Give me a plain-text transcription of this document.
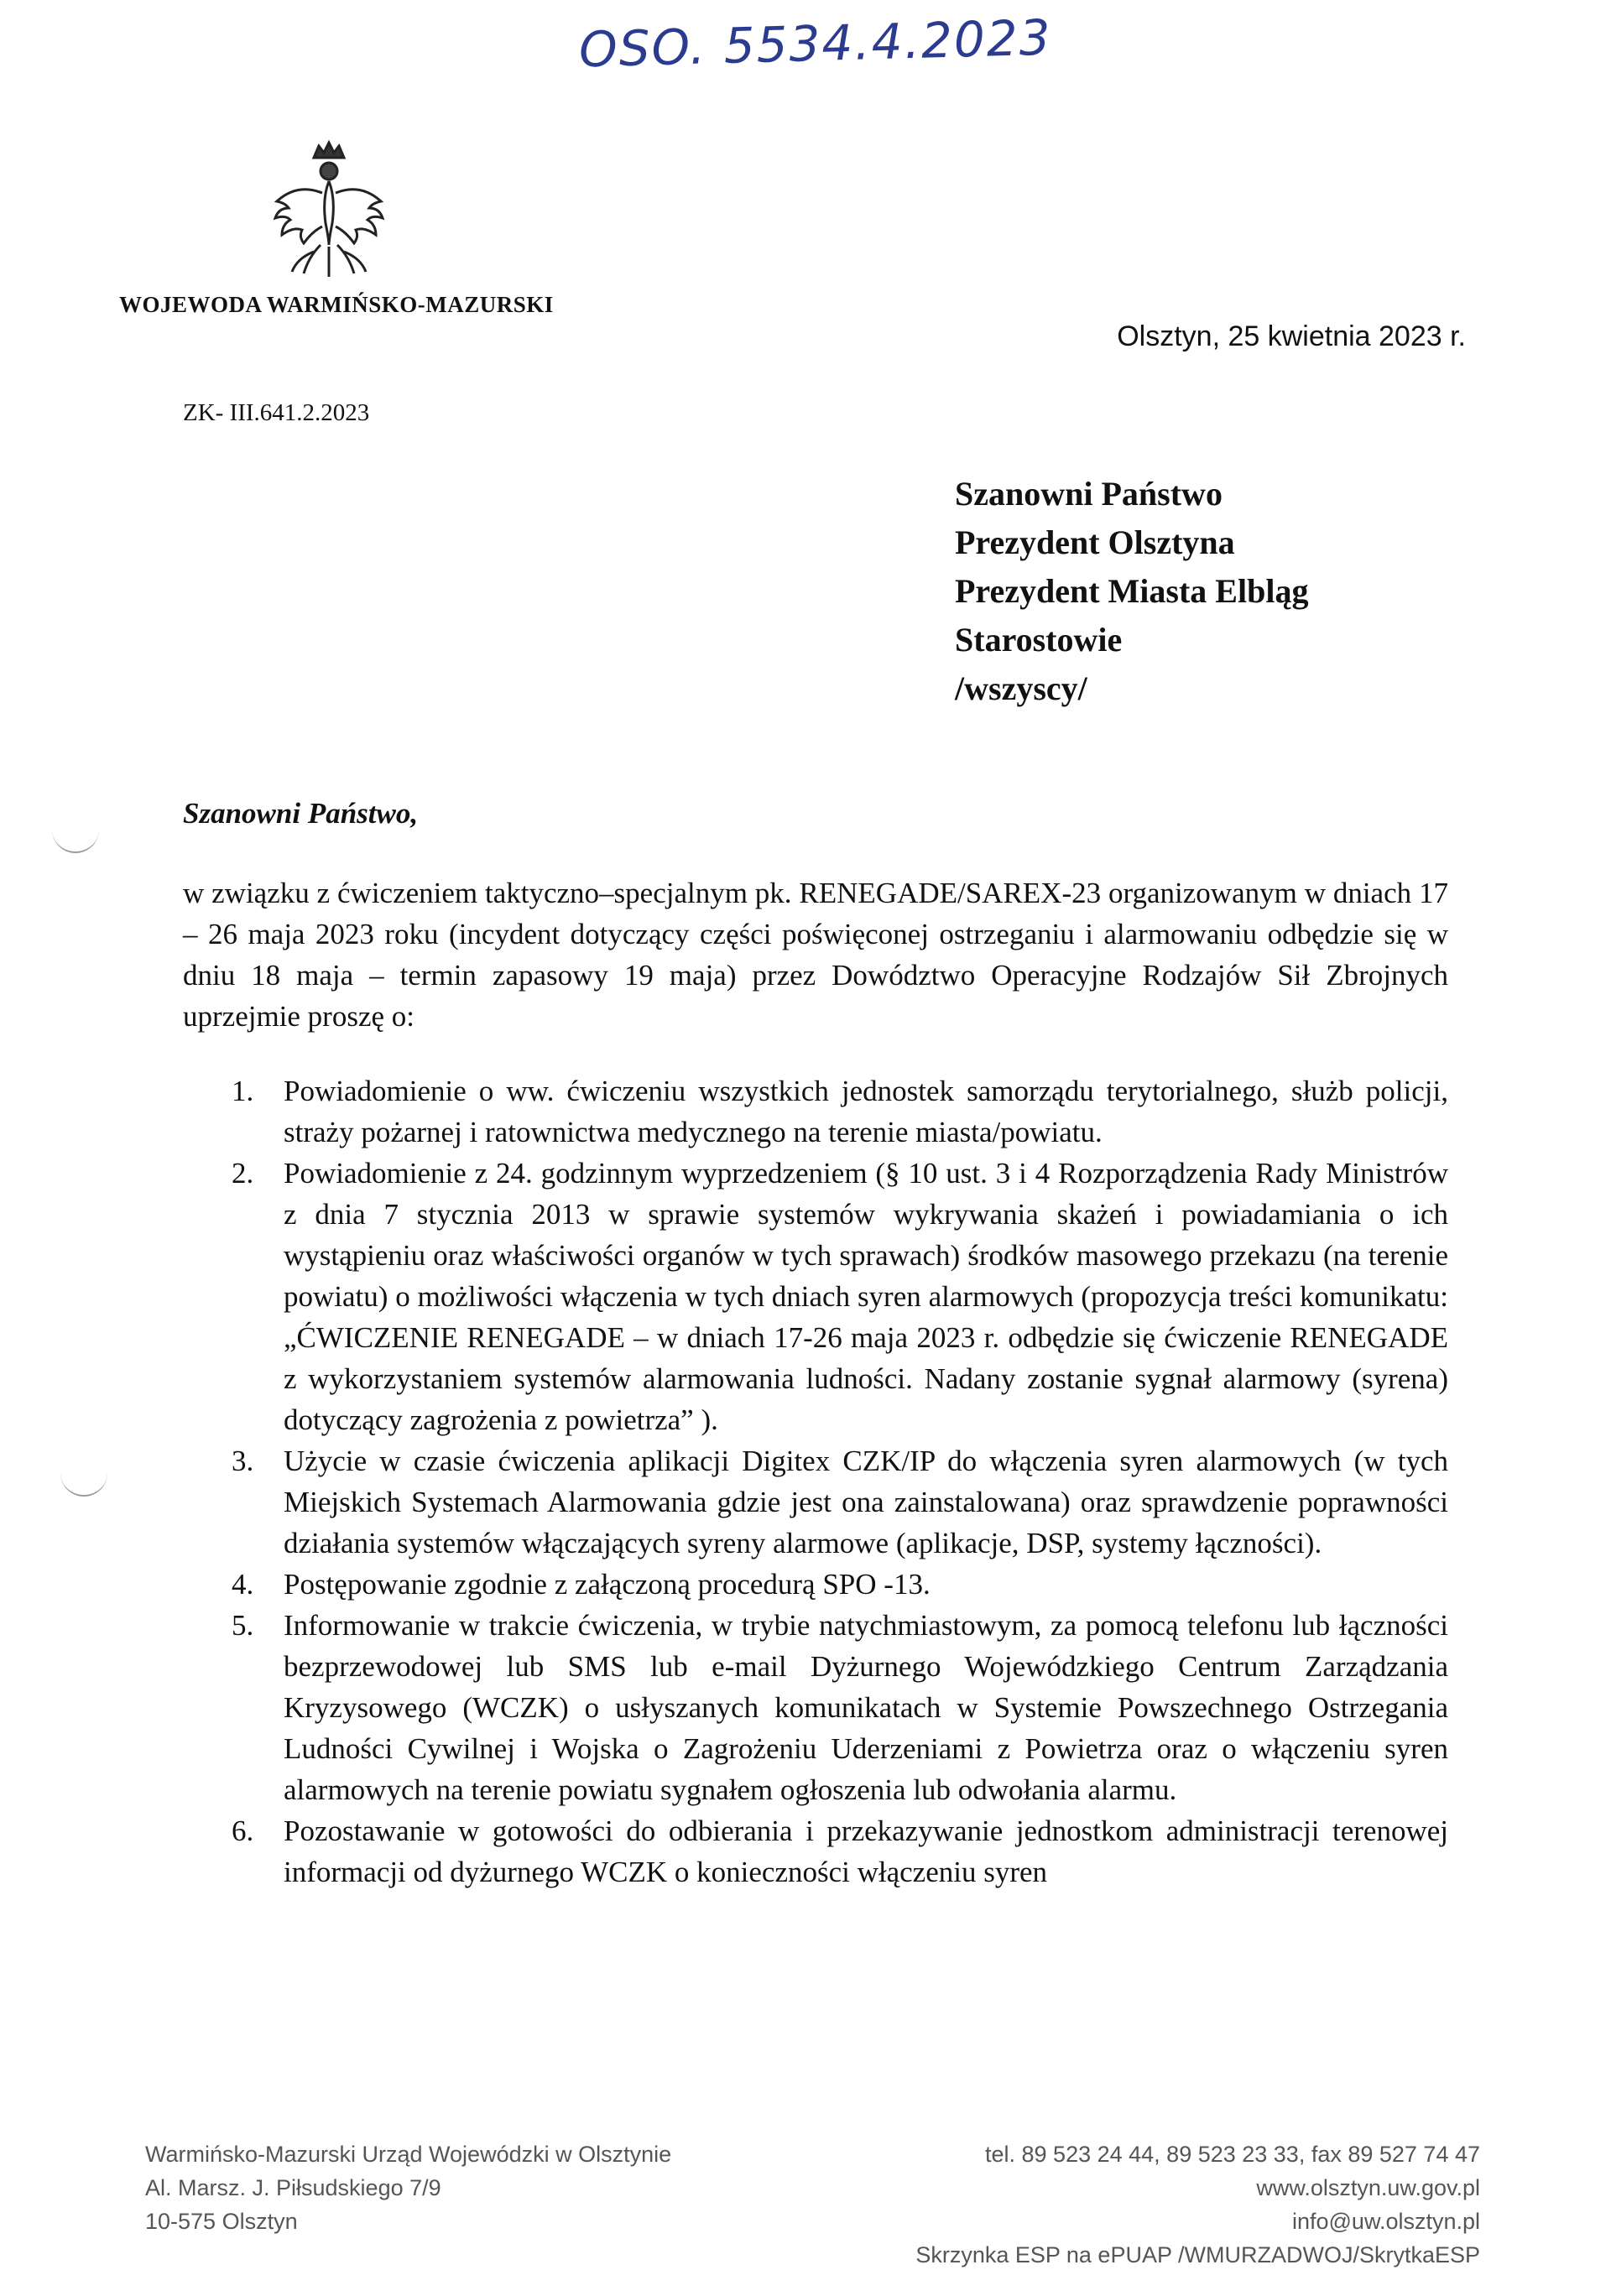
OSO. 5534.4.2023
WOJEWODA WARMIŃSKO-MAZURSKI
Olsztyn, 25 kwietnia 2023 r.
ZK- III.641.2.2023
Szanowni Państwo
Prezydent Olsztyna
Prezydent Miasta Elbląg
Starostowie
/wszyscy/
Szanowni Państwo,

w związku z ćwiczeniem taktyczno–specjalnym pk. RENEGADE/SAREX-23 organizowanym w dniach 17 – 26 maja 2023 roku (incydent dotyczący części poświęconej ostrzeganiu i alarmowaniu odbędzie się w dniu 18 maja – termin zapasowy 19 maja) przez Dowództwo Operacyjne Rodzajów Sił Zbrojnych uprzejmie proszę o:

1. Powiadomienie o ww. ćwiczeniu wszystkich jednostek samorządu terytorialnego, służb policji, straży pożarnej i ratownictwa medycznego na terenie miasta/powiatu.
2. Powiadomienie z 24. godzinnym wyprzedzeniem (§ 10 ust. 3 i 4 Rozporządzenia Rady Ministrów z dnia 7 stycznia 2013 w sprawie systemów wykrywania skażeń i powiadamiania o ich wystąpieniu oraz właściwości organów w tych sprawach) środków masowego przekazu (na terenie powiatu) o możliwości włączenia w tych dniach syren alarmowych (propozycja treści komunikatu: „ĆWICZENIE RENEGADE – w dniach 17-26 maja 2023 r. odbędzie się ćwiczenie RENEGADE z wykorzystaniem systemów alarmowania ludności. Nadany zostanie sygnał alarmowy (syrena) dotyczący zagrożenia z powietrza” ).
3. Użycie w czasie ćwiczenia aplikacji Digitex CZK/IP do włączenia syren alarmowych (w tych Miejskich Systemach Alarmowania gdzie jest ona zainstalowana) oraz sprawdzenie poprawności działania systemów włączających syreny alarmowe (aplikacje, DSP, systemy łączności).
4. Postępowanie zgodnie z załączoną procedurą SPO -13.
5. Informowanie w trakcie ćwiczenia, w trybie natychmiastowym, za pomocą telefonu lub łączności bezprzewodowej lub SMS lub e-mail Dyżurnego Wojewódzkiego Centrum Zarządzania Kryzysowego (WCZK) o usłyszanych komunikatach w Systemie Powszechnego Ostrzegania Ludności Cywilnej i Wojska o Zagrożeniu Uderzeniami z Powietrza oraz o włączeniu syren alarmowych na terenie powiatu sygnałem ogłoszenia lub odwołania alarmu.
6. Pozostawanie w gotowości do odbierania i przekazywanie jednostkom administracji terenowej informacji od dyżurnego WCZK o konieczności włączeniu syren
Warmińsko-Mazurski Urząd Wojewódzki w Olsztynie
Al. Marsz. J. Piłsudskiego 7/9
10-575 Olsztyn
tel. 89 523 24 44, 89 523 23 33, fax 89 527 74 47
www.olsztyn.uw.gov.pl
info@uw.olsztyn.pl
Skrzynka ESP na ePUAP /WMURZADWOJ/SkrytkaESP
